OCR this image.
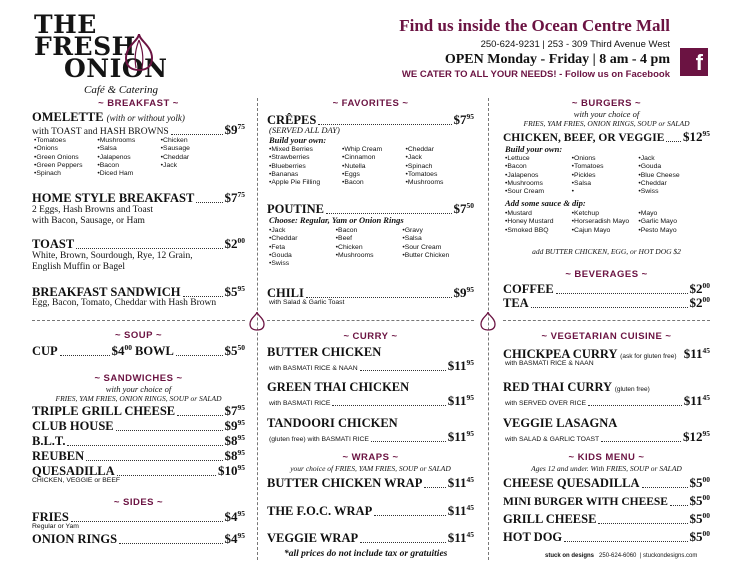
THE FRESH
ONION
Café & Catering
Find us inside the Ocean Centre Mall
250-624-9231 | 253 - 309 Third Avenue West
OPEN Monday - Friday | 8 am - 4 pm
WE CATER TO ALL YOUR NEEDS! - Follow us on Facebook	f
~ BREAKFAST ~
OMELETTE (with or without yolk)
with TOAST and HASH BROWNS	$\$9^{75}$
• Tomatoes	• Mushrooms	• Chicken
• Onions	• Salsa	• Sausage
• Green Onions	• Jalapenos	• Cheddar
• Green Peppers	• Bacon	• Jack
• Spinach	• Diced Ham
HOME STYLE BREAKFAST $\$7^{75}$
2 Eggs, Hash Browns and Toast
with Bacon, Sausage, or Ham
TOAST	$\$2^{00}$
White, Brown, Sourdough, Rye, 12 Grain,
English Muffin or Bagel
BREAKFAST SANDWICH	$\$5^{95}$
Egg, Bacon, Tomato, Cheddar with Hash Brown
~ SOUP ~
CUP	$\$4^{00}$ BOWL	$\$5^{50}$
~ SANDWICHES ~
with your choice of
FRIES, YAM FRIES, ONION RINGS, SOUP or SALAD
TRIPLE GRILL CHEESE	$\$7^{95}$
CLUB HOUSE	$\$9^{95}$
B.L.T.	$\$8^{95}$
REUBEN	$\$8^{95}$
QUESADILLA	$\$10^{95}$
CHICKEN, VEGGIE or BEEF
~ SIDES ~
FRIES	$\$4^{95}$
Regular or Yam
ONION RINGS	$\$4^{95}$
~ FAVORITES ~
CRÊPES	$\$7^{95}$
(SERVED ALL DAY)
Build your own:
• Mixed Berries	• Whip Cream	• Cheddar
• Strawberries	• Cinnamon	• Jack
• Blueberries	• Nutella	• Spinach
• Bananas	• Eggs	• Tomatoes
• Apple Pie Filling	• Bacon	• Mushrooms
POUTINE	$\$7^{50}$
Choose: Regular, Yam or Onion Rings
• Jack	• Bacon	• Gravy
• Cheddar	• Beef	• Salsa
• Feta	• Chicken	• Sour Cream
• Gouda	• Mushrooms	• Butter Chicken
• Swiss
CHILI	$\$9^{95}$
with Salad & Garlic Toast
~ CURRY ~
BUTTER CHICKEN
with BASMATI RICE & NAAN	$\$11^{95}$
GREEN THAI CHICKEN
with BASMATI RICE	$\$11^{95}$
TANDOORI CHICKEN
(gluten free) with BASMATI RICE	$\$11^{95}$
~ WRAPS ~
your choice of FRIES, YAM FRIES, SOUP or SALAD
BUTTER CHICKEN WRAP $\$11^{45}$
THE F.O.C. WRAP	$\$11^{45}$
VEGGIE WRAP	$\$11^{45}$
*all prices do not include tax or gratuities
~ BURGERS ~
with your choice of
FRIES, YAM FRIES, ONION RINGS, SOUP or SALAD
CHICKEN, BEEF, OR VEGGIE $\$12^{95}$
Build your own:
• Lettuce	• Onions	• Jack
• Bacon	• Tomatoes	• Gouda
• Jalapenos	• Pickles	• Blue Cheese
• Mushrooms	• Salsa	• Cheddar
• Sour Cream •	• Swiss
Add some sauce & dip:
• Mustard	• Ketchup	• Mayo
• Honey Mustard	• Horseradish Mayo	• Garlic Mayo
• Smoked BBQ	• Cajun Mayo	• Pesto Mayo
add BUTTER CHICKEN, EGG, or HOT DOG $2
~ BEVERAGES ~
COFFEE	$\$2^{00}$
TEA	$\$2^{00}$
~ VEGETARIAN CUISINE ~
CHICKPEA CURRY (ask for gluten free) $\$11^{45}$
with BASMATI RICE & NAAN
RED THAI CURRY (gluten free)
with SERVED OVER RICE	$\$11^{45}$
VEGGIE LASAGNA
with SALAD & GARLIC TOAST	$\$12^{95}$
~ KIDS MENU ~
Ages 12 and under. With FRIES, SOUP or SALAD
CHEESE QUESADILLA	$\$5^{00}$
MINI BURGER WITH CHEESE $\$5^{00}$
GRILL CHEESE	$\$5^{00}$
HOT DOG	$\$5^{00}$
stuck on designs 250-624-6060  | stuckondesigns.com
